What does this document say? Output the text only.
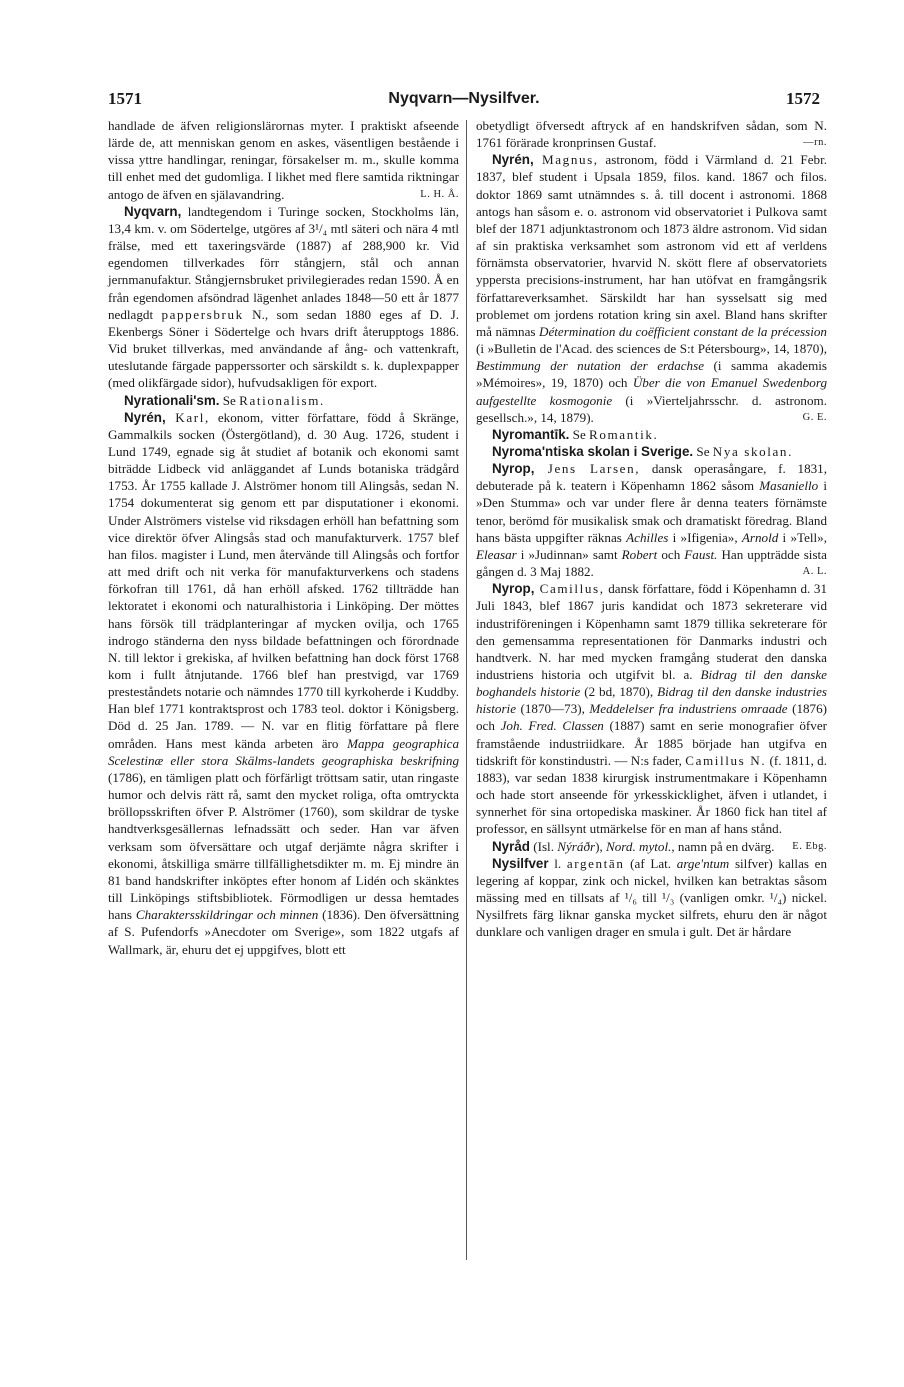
1571	Nyqvarn—Nysilfver.	1572

handlade de äfven religionslärornas myter. I praktiskt afseende lärde de, att menniskan genom en askes, väsentligen bestående i vissa yttre handlingar, reningar, försakelser m. m., skulle komma till enhet med det gudomliga. I likhet med flere samtida riktningar antogo de äfven en själavandring.	L. H. Å.

Nyqvarn, landtegendom i Turinge socken, Stockholms län, 13,4 km. v. om Södertelge, utgöres af 3¹/₄ mtl säteri och nära 4 mtl frälse, med ett taxeringsvärde (1887) af 288,900 kr. Vid egendomen tillverkades förr stångjern, stål och annan jernmanufaktur. Stångjernsbruket privilegierades redan 1590. Å en från egendomen afsöndrad lägenhet anlades 1848—50 ett år 1877 nedlagdt pappersbruk N., som sedan 1880 eges af D. J. Ekenbergs Söner i Södertelge och hvars drift återupptogs 1886. Vid bruket tillverkas, med användande af ång- och vattenkraft, uteslutande färgade papperssorter och särskildt s. k. duplexpapper (med olikfärgade sidor), hufvudsakligen för export.

Nyrationali'sm. Se Rationalism.

Nyrén, Karl, ekonom, vitter författare, född å Skränge, Gammalkils socken (Östergötland), d. 30 Aug. 1726, student i Lund 1749, egnade sig åt studiet af botanik och ekonomi samt biträdde Lidbeck vid anläggandet af Lunds botaniska trädgård 1753. År 1755 kallade J. Alströmer honom till Alingsås, sedan N. 1754 dokumenterat sig genom ett par disputationer i ekonomi. Under Alströmers vistelse vid riksdagen erhöll han befattning som vice direktör öfver Alingsås stad och manufakturverk. 1757 blef han filos. magister i Lund, men återvände till Alingsås och fortfor att med drift och nit verka för manufakturverkens och stadens förkofran till 1761, då han erhöll afsked. 1762 tillträdde han lektoratet i ekonomi och naturalhistoria i Linköping. Der möttes hans försök till trädplanteringar af mycken ovilja, och 1765 indrogo ständerna den nyss bildade befattningen och förordnade N. till lektor i grekiska, af hvilken befattning han dock först 1768 kom i fullt åtnjutande. 1766 blef han prestvigd, var 1769 presteståndets notarie och nämndes 1770 till kyrkoherde i Kuddby. Han blef 1771 kontraktsprost och 1783 teol. doktor i Königsberg. Död d. 25 Jan. 1789. — N. var en flitig författare på flere områden. Hans mest kända arbeten äro Mappa geographica Scelestinæ eller stora Skälms-landets geographiska beskrifning (1786), en tämligen platt och förfärligt tröttsam satir, utan ringaste humor och delvis rätt rå, samt den mycket roliga, ofta omtryckta bröllopsskriften öfver P. Alströmer (1760), som skildrar de tyske handtverksgesällernas lefnadssätt och seder. Han var äfven verksam som öfversättare och utgaf derjämte några skrifter i ekonomi, åtskilliga smärre tillfällighetsdikter m. m. Ej mindre än 81 band handskrifter inköptes efter honom af Lidén och skänktes till Linköpings stiftsbibliotek. Förmodligen ur dessa hemtades hans Charaktersskildringar och minnen (1836). Den öfversättning af S. Pufendorfs »Anecdoter om Sverige», som 1822 utgafs af Wallmark, är, ehuru det ej uppgifves, blott ett

obetydligt öfversedt aftryck af en handskrifven sådan, som N. 1761 förärade kronprinsen Gustaf.	—rn.

Nyrén, Magnus, astronom, född i Värmland d. 21 Febr. 1837, blef student i Upsala 1859, filos. kand. 1867 och filos. doktor 1869 samt utnämndes s. å. till docent i astronomi. 1868 antogs han såsom e. o. astronom vid observatoriet i Pulkova samt blef der 1871 adjunktastronom och 1873 äldre astronom. Vid sidan af sin praktiska verksamhet som astronom vid ett af verldens förnämsta observatorier, hvarvid N. skött flere af observatoriets yppersta precisions-instrument, har han utöfvat en framgångsrik författareverksamhet. Särskildt har han sysselsatt sig med problemet om jordens rotation kring sin axel. Bland hans skrifter må nämnas Détermination du coëfficient constant de la précession (i »Bulletin de l'Acad. des sciences de S:t Pétersbourg», 14, 1870), Bestimmung der nutation der erdachse (i samma akademis »Mémoires», 19, 1870) och Über die von Emanuel Swedenborg aufgestellte kosmogonie (i »Vierteljahrsschr. d. astronom. gesellsch.», 14, 1879).	G. E.

Nyromantīk. Se Romantik.

Nyroma'ntiska skolan i Sverige. Se Nya skolan.

Nyrop, Jens Larsen, dansk operasångare, f. 1831, debuterade på k. teatern i Köpenhamn 1862 såsom Masaniello i »Den Stumma» och var under flere år denna teaters förnämste tenor, berömd för musikalisk smak och dramatiskt föredrag. Bland hans bästa uppgifter räknas Achilles i »Ifigenia», Arnold i »Tell», Eleasar i »Judinnan» samt Robert och Faust. Han uppträdde sista gången d. 3 Maj 1882.	A. L.

Nyrop, Camillus, dansk författare, född i Köpenhamn d. 31 Juli 1843, blef 1867 juris kandidat och 1873 sekreterare vid industriföreningen i Köpenhamn samt 1879 tillika sekreterare för den gemensamma representationen för Danmarks industri och handtverk. N. har med mycken framgång studerat den danska industriens historia och utgifvit bl. a. Bidrag til den danske boghandels historie (2 bd, 1870), Bidrag til den danske industries historie (1870—73), Meddelelser fra industriens omraade (1876) och Joh. Fred. Classen (1887) samt en serie monografier öfver framstående industriidkare. År 1885 började han utgifva en tidskrift för konstindustri. — N:s fader, Camillus N. (f. 1811, d. 1883), var sedan 1838 kirurgisk instrumentmakare i Köpenhamn och hade stort anseende för yrkesskicklighet, äfven i utlandet, i synnerhet för sina ortopediska maskiner. År 1860 fick han titel af professor, en sällsynt utmärkelse för en man af hans stånd.
E. Ebg.

Nyråd (Isl. Nýráðr), Nord. mytol., namn på en dvärg.

Nysilfver l. argentān (af Lat. arge'ntum silfver) kallas en legering af koppar, zink och nickel, hvilken kan betraktas såsom mässing med en tillsats af ¹/₆ till ¹/₃ (vanligen omkr. ¹/₄) nickel. Nysilfrets färg liknar ganska mycket silfrets, ehuru den är något dunklare och vanligen drager en smula i gult. Det är hårdare
